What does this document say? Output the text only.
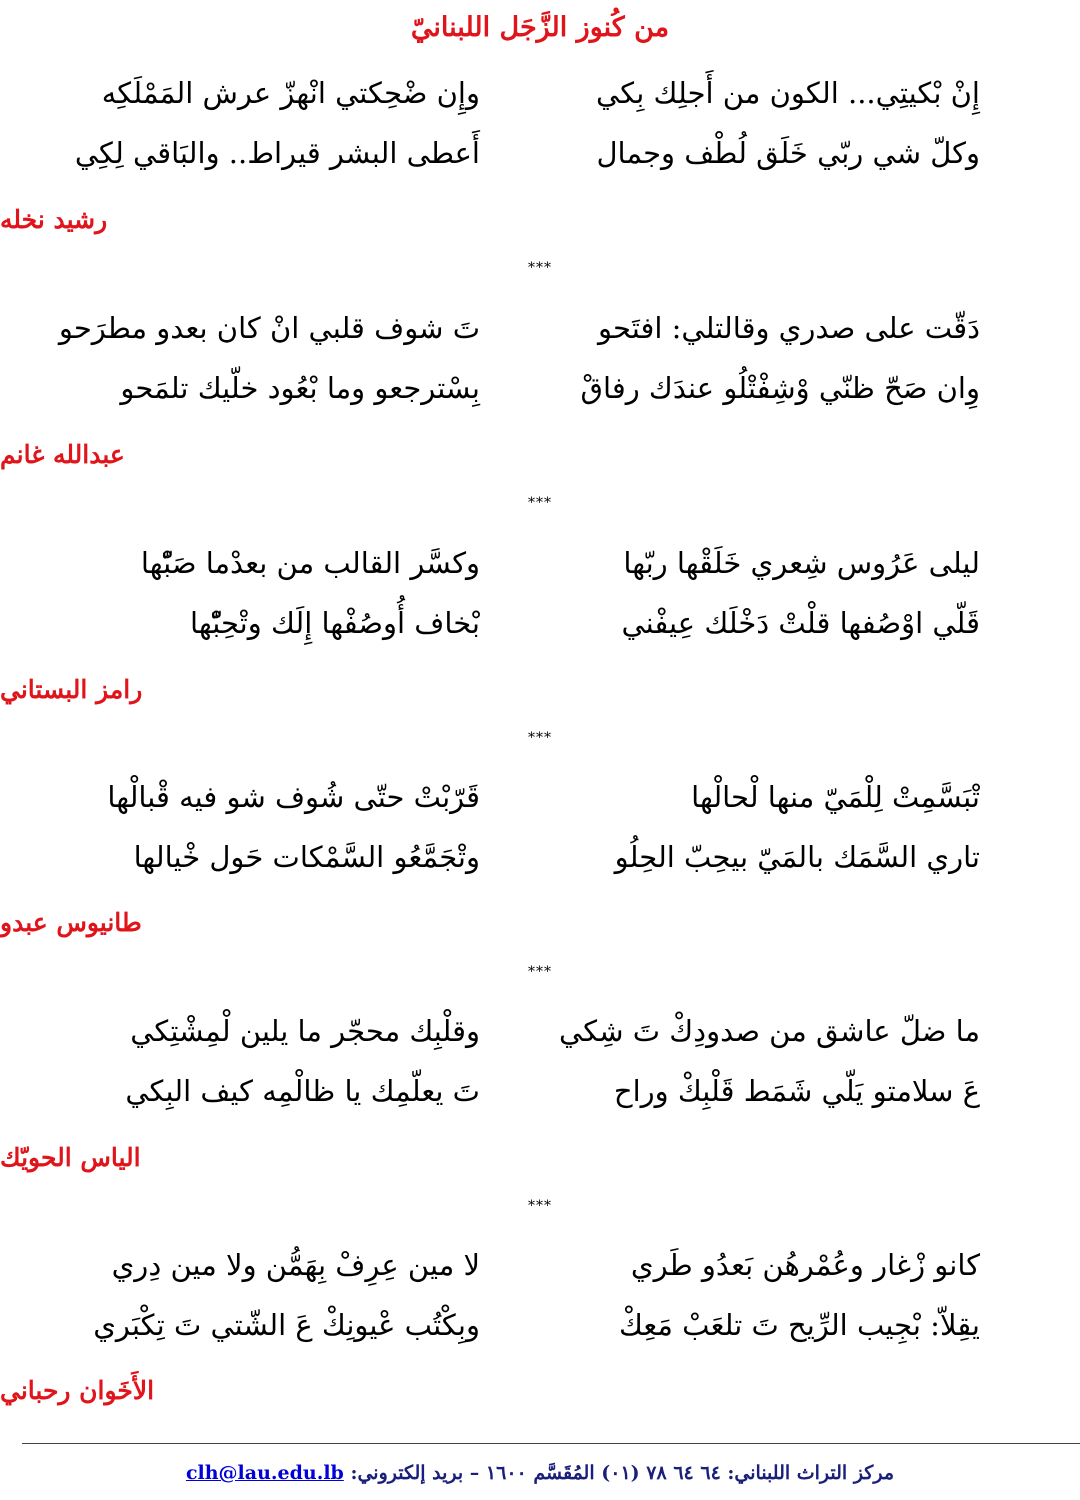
من كُنوز الزَّجَل اللبنانيّ
إِنْ بْكيتِي... الكون من أَجلِك بِكي
وإِن ضْحِكتي انْهزّ عرش المَمْلَكِه
وكلّ شي ربّي خَلَق لُطْف وجمال
أَعطى البشر قيراط.. والبَاقي لِكِي
رشيد نخله
***
دَقّت على صدري وقالتلي: افتَحو
تَ شوف قلبي انْ كان بعدو مطرَحو
وِان صَحّ ظنّي وْشِفْتْلُو عندَك رفاقْ
بِسْترجعو وما بْعُود خلّيك تلمَحو
عبدالله غانم
***
ليلى عَرُوس شِعري خَلَقْها ربّها
وكسَّر القالب من بعدْما صَبّْها
قَلّي اوْصُفها قلْتْ دَخْلَك عِيفْني
بْخاف أُوصُفْها إِلَك وتْحِبّْها
رامز البستاني
***
تْبَسَّمِتْ لِلْمَيّ منها لْحالْها
قَرّبْتْ حتّى شُوف شو فيه قْبالْها
تاري السَّمَك بالمَيّ بيحِبّ الحِلُو
وتْجَمَّعُو السَّمْكات حَول خْيالها
طانيوس عبدو
***
ما ضلّ عاشق من صدودِكْ تَ شِكي
وقلْبِك محجّر ما يلين لْمِشْتِكي
عَ سلامتو يَلّي شَمَط قَلْبِكْ وراح
تَ يعلّمِك يا ظالْمِه كيف البِكي
الياس الحويّك
***
كانو زْغار وعُمْرهُن بَعدُو طَري
لا مين عِرِفْ بِهَمُّن ولا مين دِري
يقِلاّ: بْجِيب الرِّيح تَ تلعَبْ مَعِكْ
وبِكْتُب عْيونِكْ عَ الشّتي تَ تِكْبَري
الأَخَوان رحباني
مركز التراث اللبناني: ٦٤ ٦٤ ٧٨ (٠١) المُقَسَّم ١٦٠٠ – بريد إلكتروني: clh@lau.edu.lb
